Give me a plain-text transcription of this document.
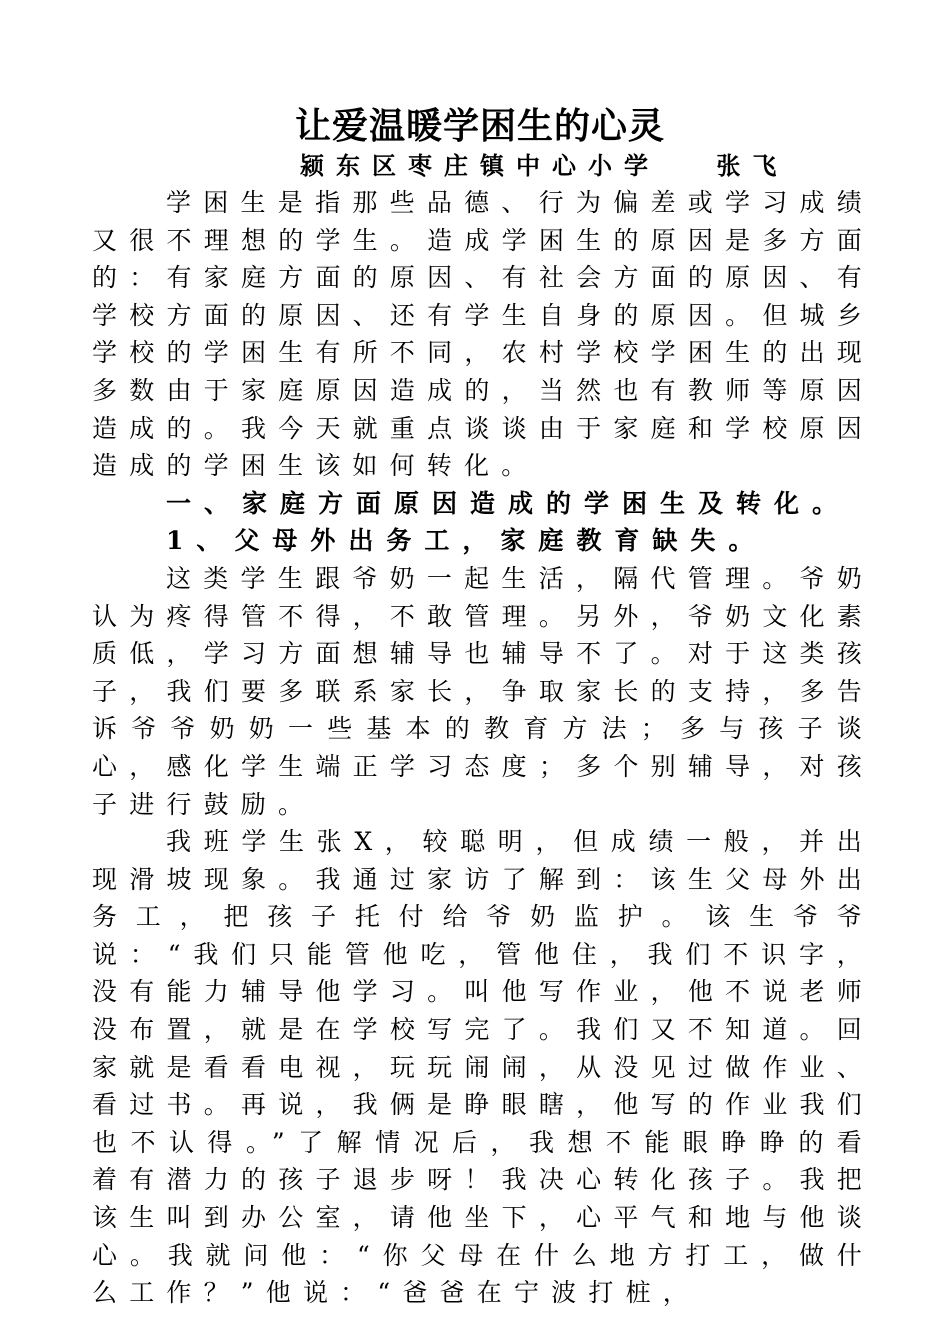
让爱温暖学困生的心灵
颍东区枣庄镇中心小学　 张飞

学困生是指那些品德、行为偏差或学习成绩又很不理想的学生。造成学困生的原因是多方面的：有家庭方面的原因、有社会方面的原因、有学校方面的原因、还有学生自身的原因。但城乡学校的学困生有所不同，农村学校学困生的出现多数由于家庭原因造成的，当然也有教师等原因造成的。我今天就重点谈谈由于家庭和学校原因造成的学困生该如何转化。

一、家庭方面原因造成的学困生及转化。

1、父母外出务工，家庭教育缺失。

这类学生跟爷奶一起生活，隔代管理。爷奶认为疼得管不得，不敢管理。另外，爷奶文化素质低，学习方面想辅导也辅导不了。对于这类孩子，我们要多联系家长，争取家长的支持，多告诉爷爷奶奶一些基本的教育方法；多与孩子谈心，感化学生端正学习态度；多个别辅导，对孩子进行鼓励。

我班学生张X，较聪明，但成绩一般，并出现滑坡现象。我通过家访了解到：该生父母外出务工，把孩子托付给爷奶监护。该生爷爷说：“我们只能管他吃，管他住，我们不识字，没有能力辅导他学习。叫他写作业，他不说老师没布置，就是在学校写完了。我们又不知道。回家就是看看电视，玩玩闹闹，从没见过做作业、看过书。再说，我俩是睁眼瞎，他写的作业我们也不认得。”了解情况后，我想不能眼睁睁的看着有潜力的孩子退步呀！我决心转化孩子。我把该生叫到办公室，请他坐下，心平气和地与他谈心。我就问他：“你父母在什么地方打工，做什么工作？”他说：“爸爸在宁波打桩，
